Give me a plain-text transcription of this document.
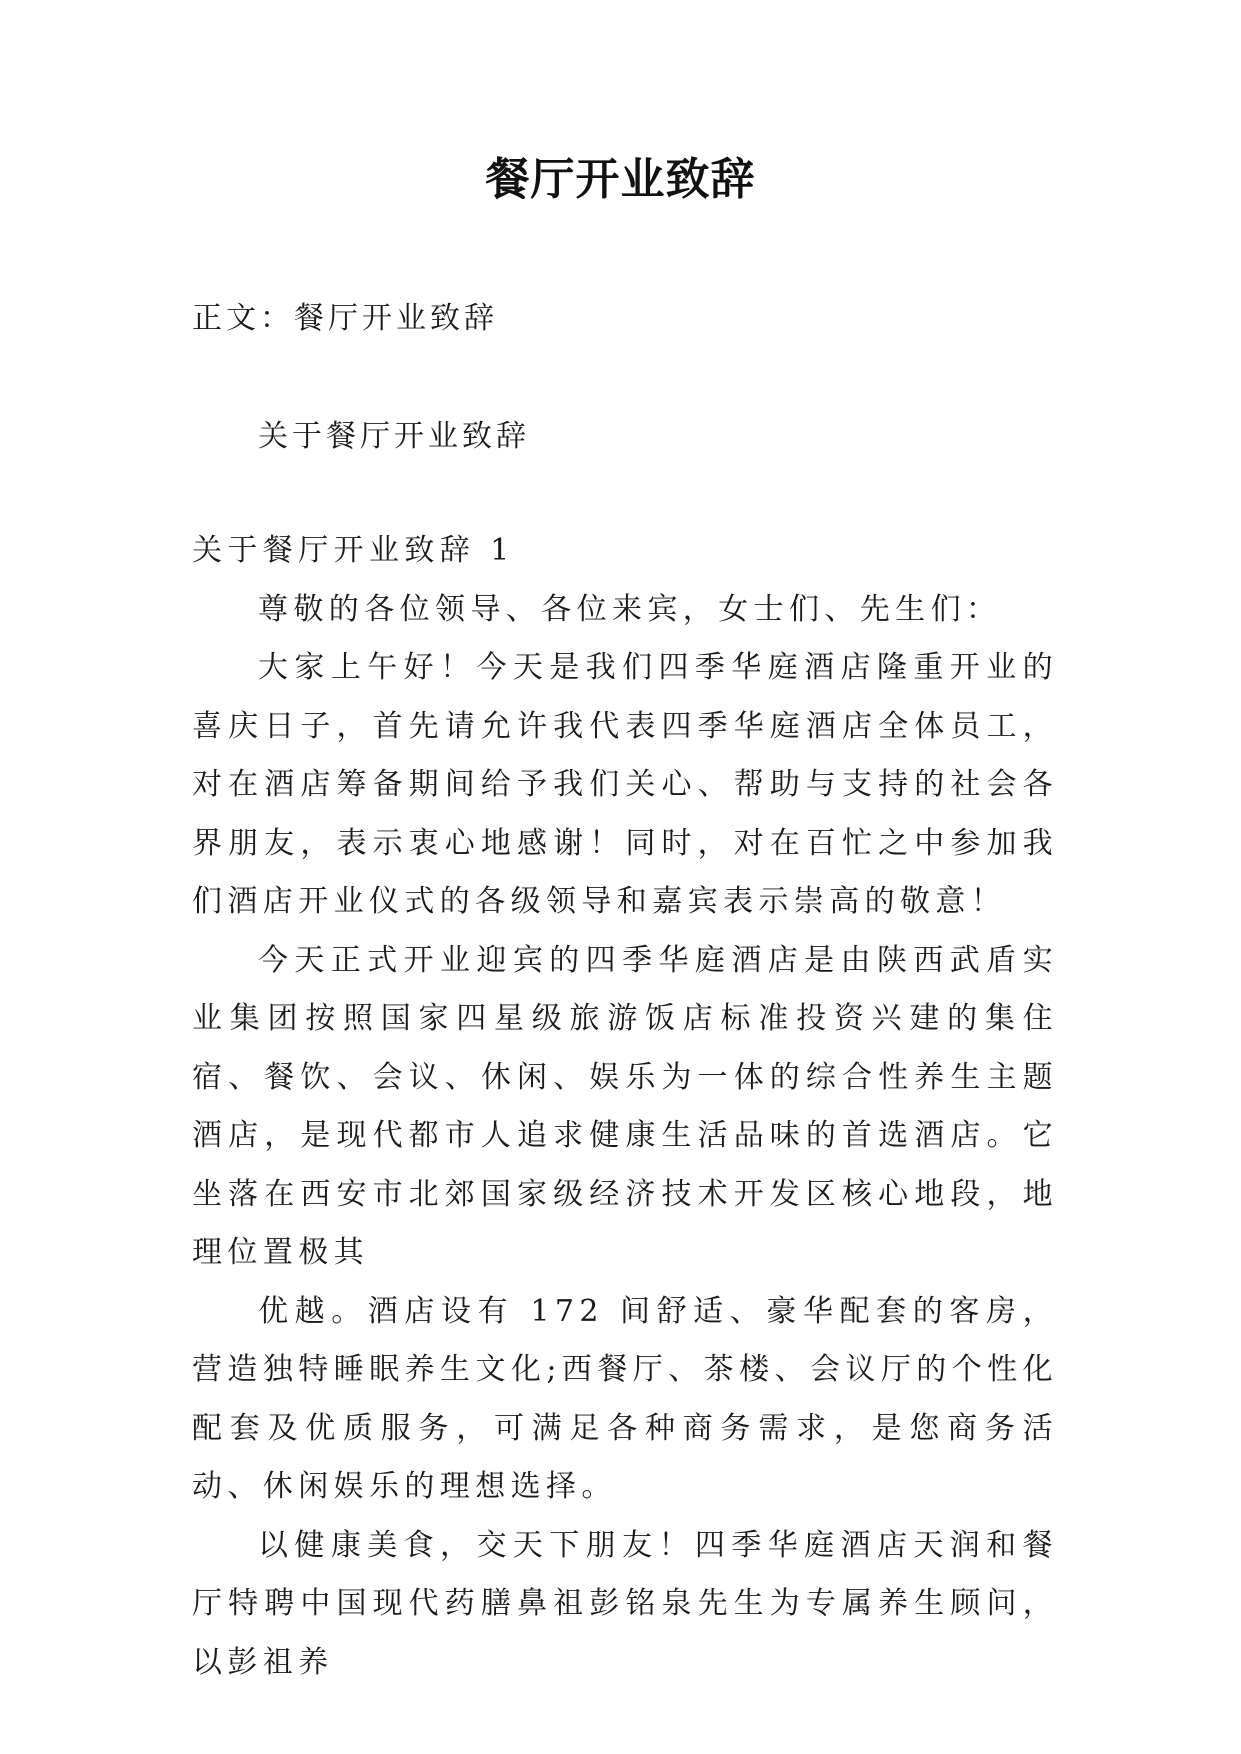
餐厅开业致辞

正文：餐厅开业致辞

关于餐厅开业致辞

关于餐厅开业致辞 1

尊敬的各位领导、各位来宾，女士们、先生们：

大家上午好！今天是我们四季华庭酒店隆重开业的喜庆日子，首先请允许我代表四季华庭酒店全体员工，对在酒店筹备期间给予我们关心、帮助与支持的社会各界朋友，表示衷心地感谢！同时，对在百忙之中参加我们酒店开业仪式的各级领导和嘉宾表示崇高的敬意！

今天正式开业迎宾的四季华庭酒店是由陕西武盾实业集团按照国家四星级旅游饭店标准投资兴建的集住宿、餐饮、会议、休闲、娱乐为一体的综合性养生主题酒店，是现代都市人追求健康生活品味的首选酒店。它坐落在西安市北郊国家级经济技术开发区核心地段，地理位置极其

优越。酒店设有 172 间舒适、豪华配套的客房，营造独特睡眠养生文化;西餐厅、茶楼、会议厅的个性化配套及优质服务，可满足各种商务需求，是您商务活动、休闲娱乐的理想选择。

以健康美食，交天下朋友！四季华庭酒店天润和餐厅特聘中国现代药膳鼻祖彭铭泉先生为专属养生顾问，以彭祖养
